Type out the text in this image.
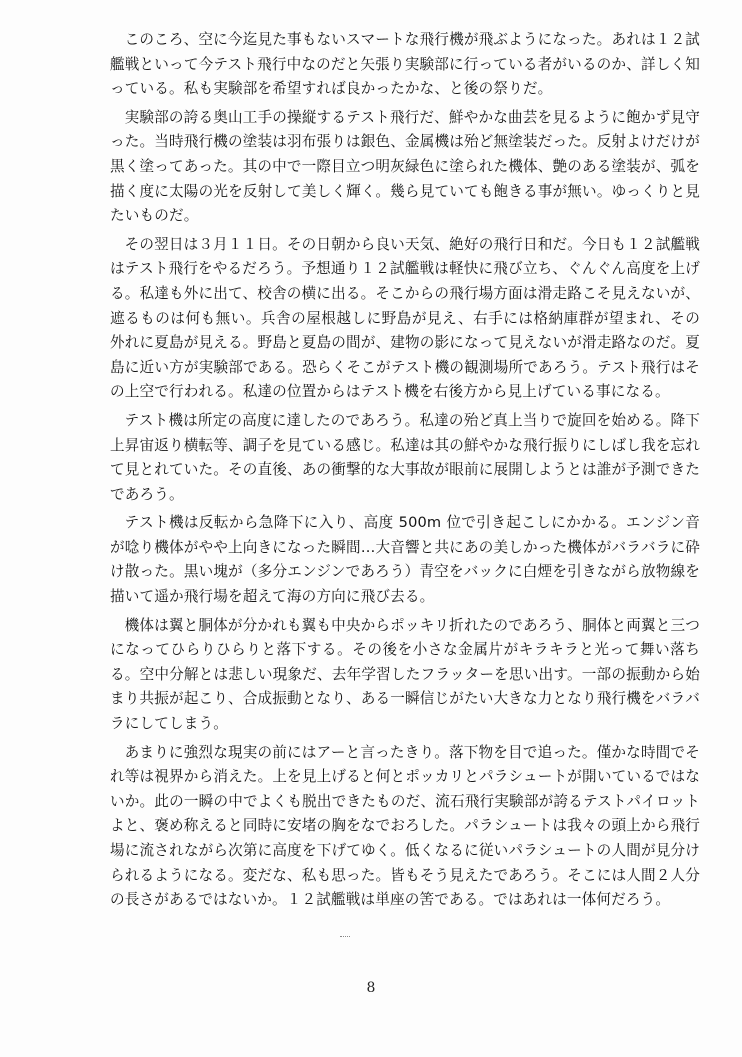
このころ、空に今迄見た事もないスマートな飛行機が飛ぶようになった。あれは１２試艦戦といって今テスト飛行中なのだと矢張り実験部に行っている者がいるのか、詳しく知っている。私も実験部を希望すれば良かったかな、と後の祭りだ。

実験部の誇る奥山工手の操縦するテスト飛行だ、鮮やかな曲芸を見るように飽かず見守った。当時飛行機の塗装は羽布張りは銀色、金属機は殆ど無塗装だった。反射よけだけが黒く塗ってあった。其の中で一際目立つ明灰緑色に塗られた機体、艶のある塗装が、弧を描く度に太陽の光を反射して美しく輝く。幾ら見ていても飽きる事が無い。ゆっくりと見たいものだ。

その翌日は３月１１日。その日朝から良い天気、絶好の飛行日和だ。今日も１２試艦戦はテスト飛行をやるだろう。予想通り１２試艦戦は軽快に飛び立ち、ぐんぐん高度を上げる。私達も外に出て、校舎の横に出る。そこからの飛行場方面は滑走路こそ見えないが、遮るものは何も無い。兵舎の屋根越しに野島が見え、右手には格納庫群が望まれ、その外れに夏島が見える。野島と夏島の間が、建物の影になって見えないが滑走路なのだ。夏島に近い方が実験部である。恐らくそこがテスト機の観測場所であろう。テスト飛行はその上空で行われる。私達の位置からはテスト機を右後方から見上げている事になる。

テスト機は所定の高度に達したのであろう。私達の殆ど真上当りで旋回を始める。降下上昇宙返り横転等、調子を見ている感じ。私達は其の鮮やかな飛行振りにしばし我を忘れて見とれていた。その直後、あの衝撃的な大事故が眼前に展開しようとは誰が予測できたであろう。

テスト機は反転から急降下に入り、高度 500m 位で引き起こしにかかる。エンジン音が唸り機体がやや上向きになった瞬間…大音響と共にあの美しかった機体がバラバラに砕け散った。黒い塊が（多分エンジンであろう）青空をバックに白煙を引きながら放物線を描いて遥か飛行場を超えて海の方向に飛び去る。

機体は翼と胴体が分かれも翼も中央からポッキリ折れたのであろう、胴体と両翼と三つになってひらりひらりと落下する。その後を小さな金属片がキラキラと光って舞い落ちる。空中分解とは悲しい現象だ、去年学習したフラッターを思い出す。一部の振動から始まり共振が起こり、合成振動となり、ある一瞬信じがたい大きな力となり飛行機をバラバラにしてしまう。

あまりに強烈な現実の前にはアーと言ったきり。落下物を目で追った。僅かな時間でそれ等は視界から消えた。上を見上げると何とポッカリとパラシュートが開いているではないか。此の一瞬の中でよくも脱出できたものだ、流石飛行実験部が誇るテストパイロットよと、褒め称えると同時に安堵の胸をなでおろした。パラシュートは我々の頭上から飛行場に流されながら次第に高度を下げてゆく。低くなるに従いパラシュートの人間が見分けられるようになる。変だな、私も思った。皆もそう見えたであろう。そこには人間２人分の長さがあるではないか。１２試艦戦は単座の筈である。ではあれは一体何だろう。

8
